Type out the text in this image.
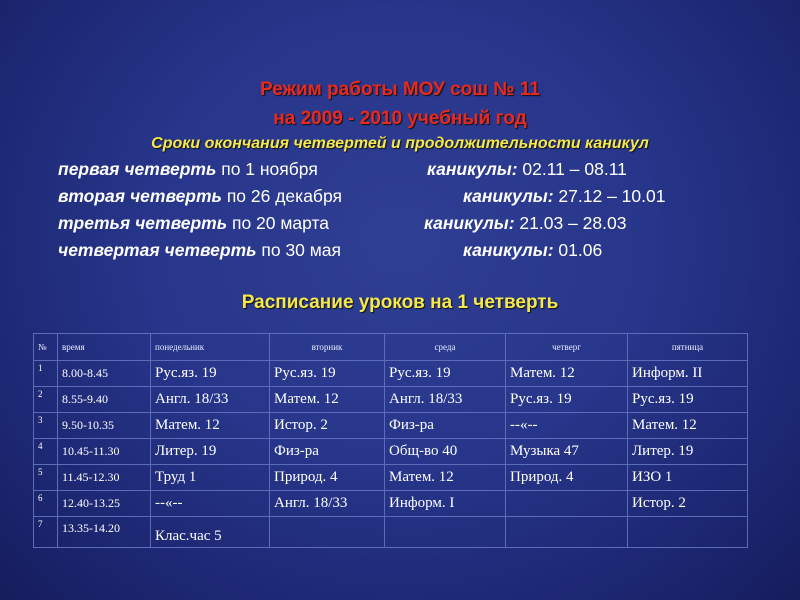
Режим работы МОУ сош № 11
на 2009 - 2010 учебный год
Сроки окончания четвертей и продолжительности каникул
первая четверть по 1 ноября	каникулы: 02.11 – 08.11
вторая четверть по 26 декабря	каникулы: 27.12 – 10.01
третья четверть по 20 марта	каникулы: 21.03 – 28.03
четвертая четверть по 30 мая	каникулы: 01.06
Расписание уроков на 1 четверть
№	время	понедельник	вторник	среда	четверг	пятница
1	8.00-8.45	Рус.яз. 19	Рус.яз. 19	Рус.яз. 19	Матем. 12	Информ. II
2	8.55-9.40	Англ. 18/33	Матем. 12	Англ. 18/33	Рус.яз. 19	Рус.яз. 19
3	9.50-10.35	Матем. 12	Истор. 2	Физ-ра	--«--	Матем. 12
4	10.45-11.30	Литер. 19	Физ-ра	Общ-во 40	Музыка 47	Литер. 19
5	11.45-12.30	Труд 1	Природ. 4	Матем. 12	Природ. 4	ИЗО 1
6	12.40-13.25	--«--	Англ. 18/33	Информ. I		Истор. 2
7	13.35-14.20	Клас.час 5				
